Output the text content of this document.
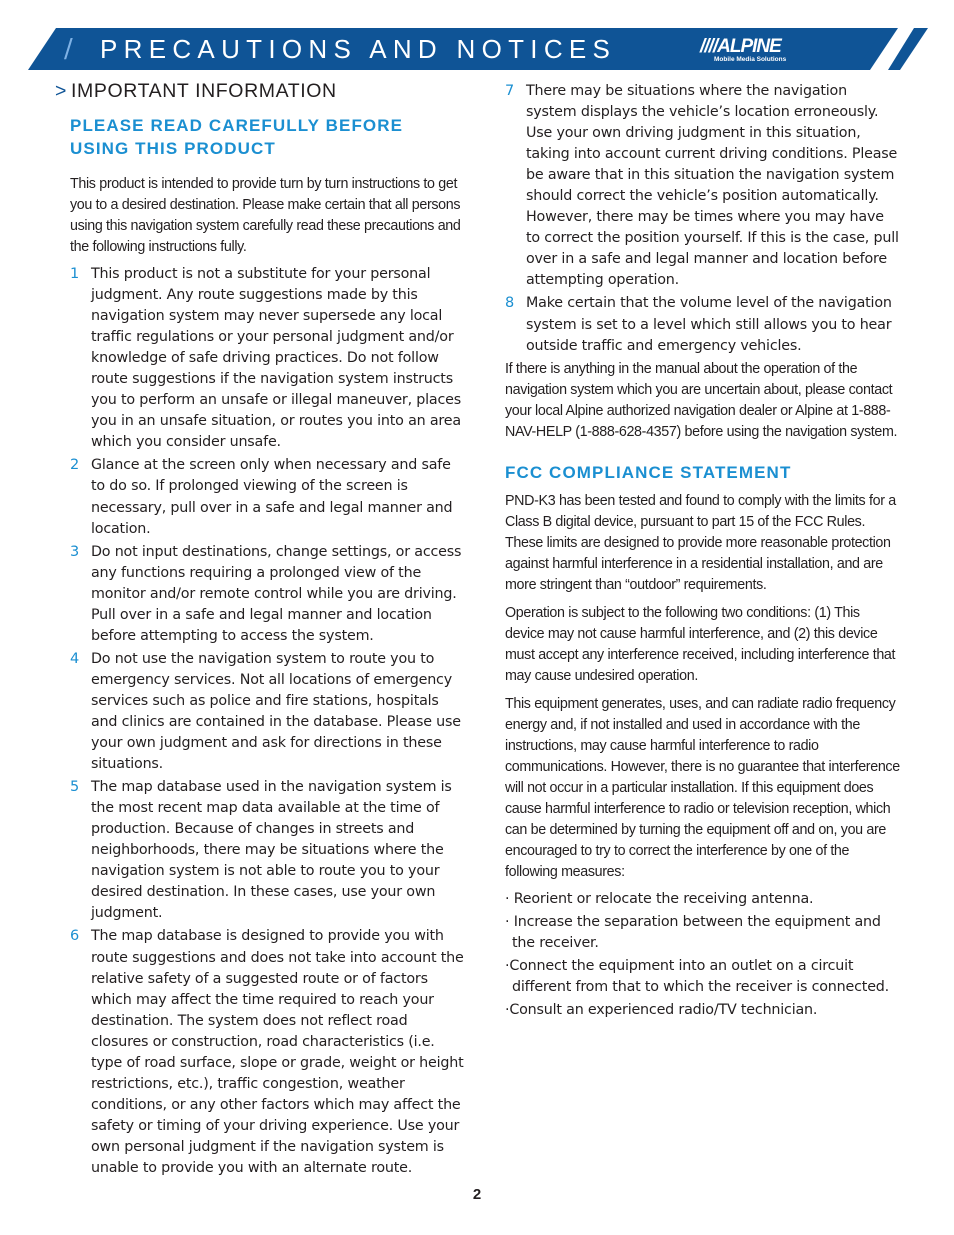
/ PRECAUTIONS AND NOTICES	////ALPINE
Mobile Media Solutions
> IMPORTANT INFORMATION
PLEASE READ CAREFULLY BEFORE
USING THIS PRODUCT

This product is intended to provide turn by turn instructions to get you to a desired destination. Please make certain that all persons using this navigation system carefully read these precautions and the following instructions fully.

1 This product is not a substitute for your personal judgment. Any route suggestions made by this navigation system may never supersede any local traffic regulations or your personal judgment and/or knowledge of safe driving practices. Do not follow route suggestions if the navigation system instructs you to perform an unsafe or illegal maneuver, places you in an unsafe situation, or routes you into an area which you consider unsafe.
2 Glance at the screen only when necessary and safe to do so. If prolonged viewing of the screen is necessary, pull over in a safe and legal manner and location.
3 Do not input destinations, change settings, or access any functions requiring a prolonged view of the monitor and/or remote control while you are driving. Pull over in a safe and legal manner and location before attempting to access the system.
4 Do not use the navigation system to route you to emergency services. Not all locations of emergency services such as police and fire stations, hospitals and clinics are contained in the database. Please use your own judgment and ask for directions in these situations.
5 The map database used in the navigation system is the most recent map data available at the time of production. Because of changes in streets and neighborhoods, there may be situations where the navigation system is not able to route you to your desired destination. In these cases, use your own judgment.
6 The map database is designed to provide you with route suggestions and does not take into account the relative safety of a suggested route or of factors which may affect the time required to reach your destination. The system does not reflect road closures or construction, road characteristics (i.e. type of road surface, slope or grade, weight or height restrictions, etc.), traffic congestion, weather conditions, or any other factors which may affect the safety or timing of your driving experience. Use your own personal judgment if the navigation system is unable to provide you with an alternate route.
7 There may be situations where the navigation system displays the vehicle’s location erroneously. Use your own driving judgment in this situation, taking into account current driving conditions. Please be aware that in this situation the navigation system should correct the vehicle’s position automatically. However, there may be times where you may have to correct the position yourself. If this is the case, pull over in a safe and legal manner and location before attempting operation.
8 Make certain that the volume level of the navigation system is set to a level which still allows you to hear outside traffic and emergency vehicles.

If there is anything in the manual about the operation of the navigation system which you are uncertain about, please contact your local Alpine authorized navigation dealer or Alpine at 1-888-NAV-HELP (1-888-628-4357) before using the navigation system.

FCC COMPLIANCE STATEMENT

PND-K3 has been tested and found to comply with the limits for a Class B digital device, pursuant to part 15 of the FCC Rules. These limits are designed to provide more reasonable protection against harmful interference in a residential installation, and are more stringent than “outdoor” requirements.

Operation is subject to the following two conditions: (1) This device may not cause harmful interference, and (2) this device must accept any interference received, including interference that may cause undesired operation.

This equipment generates, uses, and can radiate radio frequency energy and, if not installed and used in accordance with the instructions, may cause harmful interference to radio communications. However, there is no guarantee that interference will not occur in a particular installation. If this equipment does cause harmful interference to radio or television reception, which can be determined by turning the equipment off and on, you are encouraged to try to correct the interference by one of the following measures:

· Reorient or relocate the receiving antenna.

· Increase the separation between the equipment and the receiver.

·Connect the equipment into an outlet on a circuit different from that to which the receiver is connected.

·Consult an experienced radio/TV technician.

2
